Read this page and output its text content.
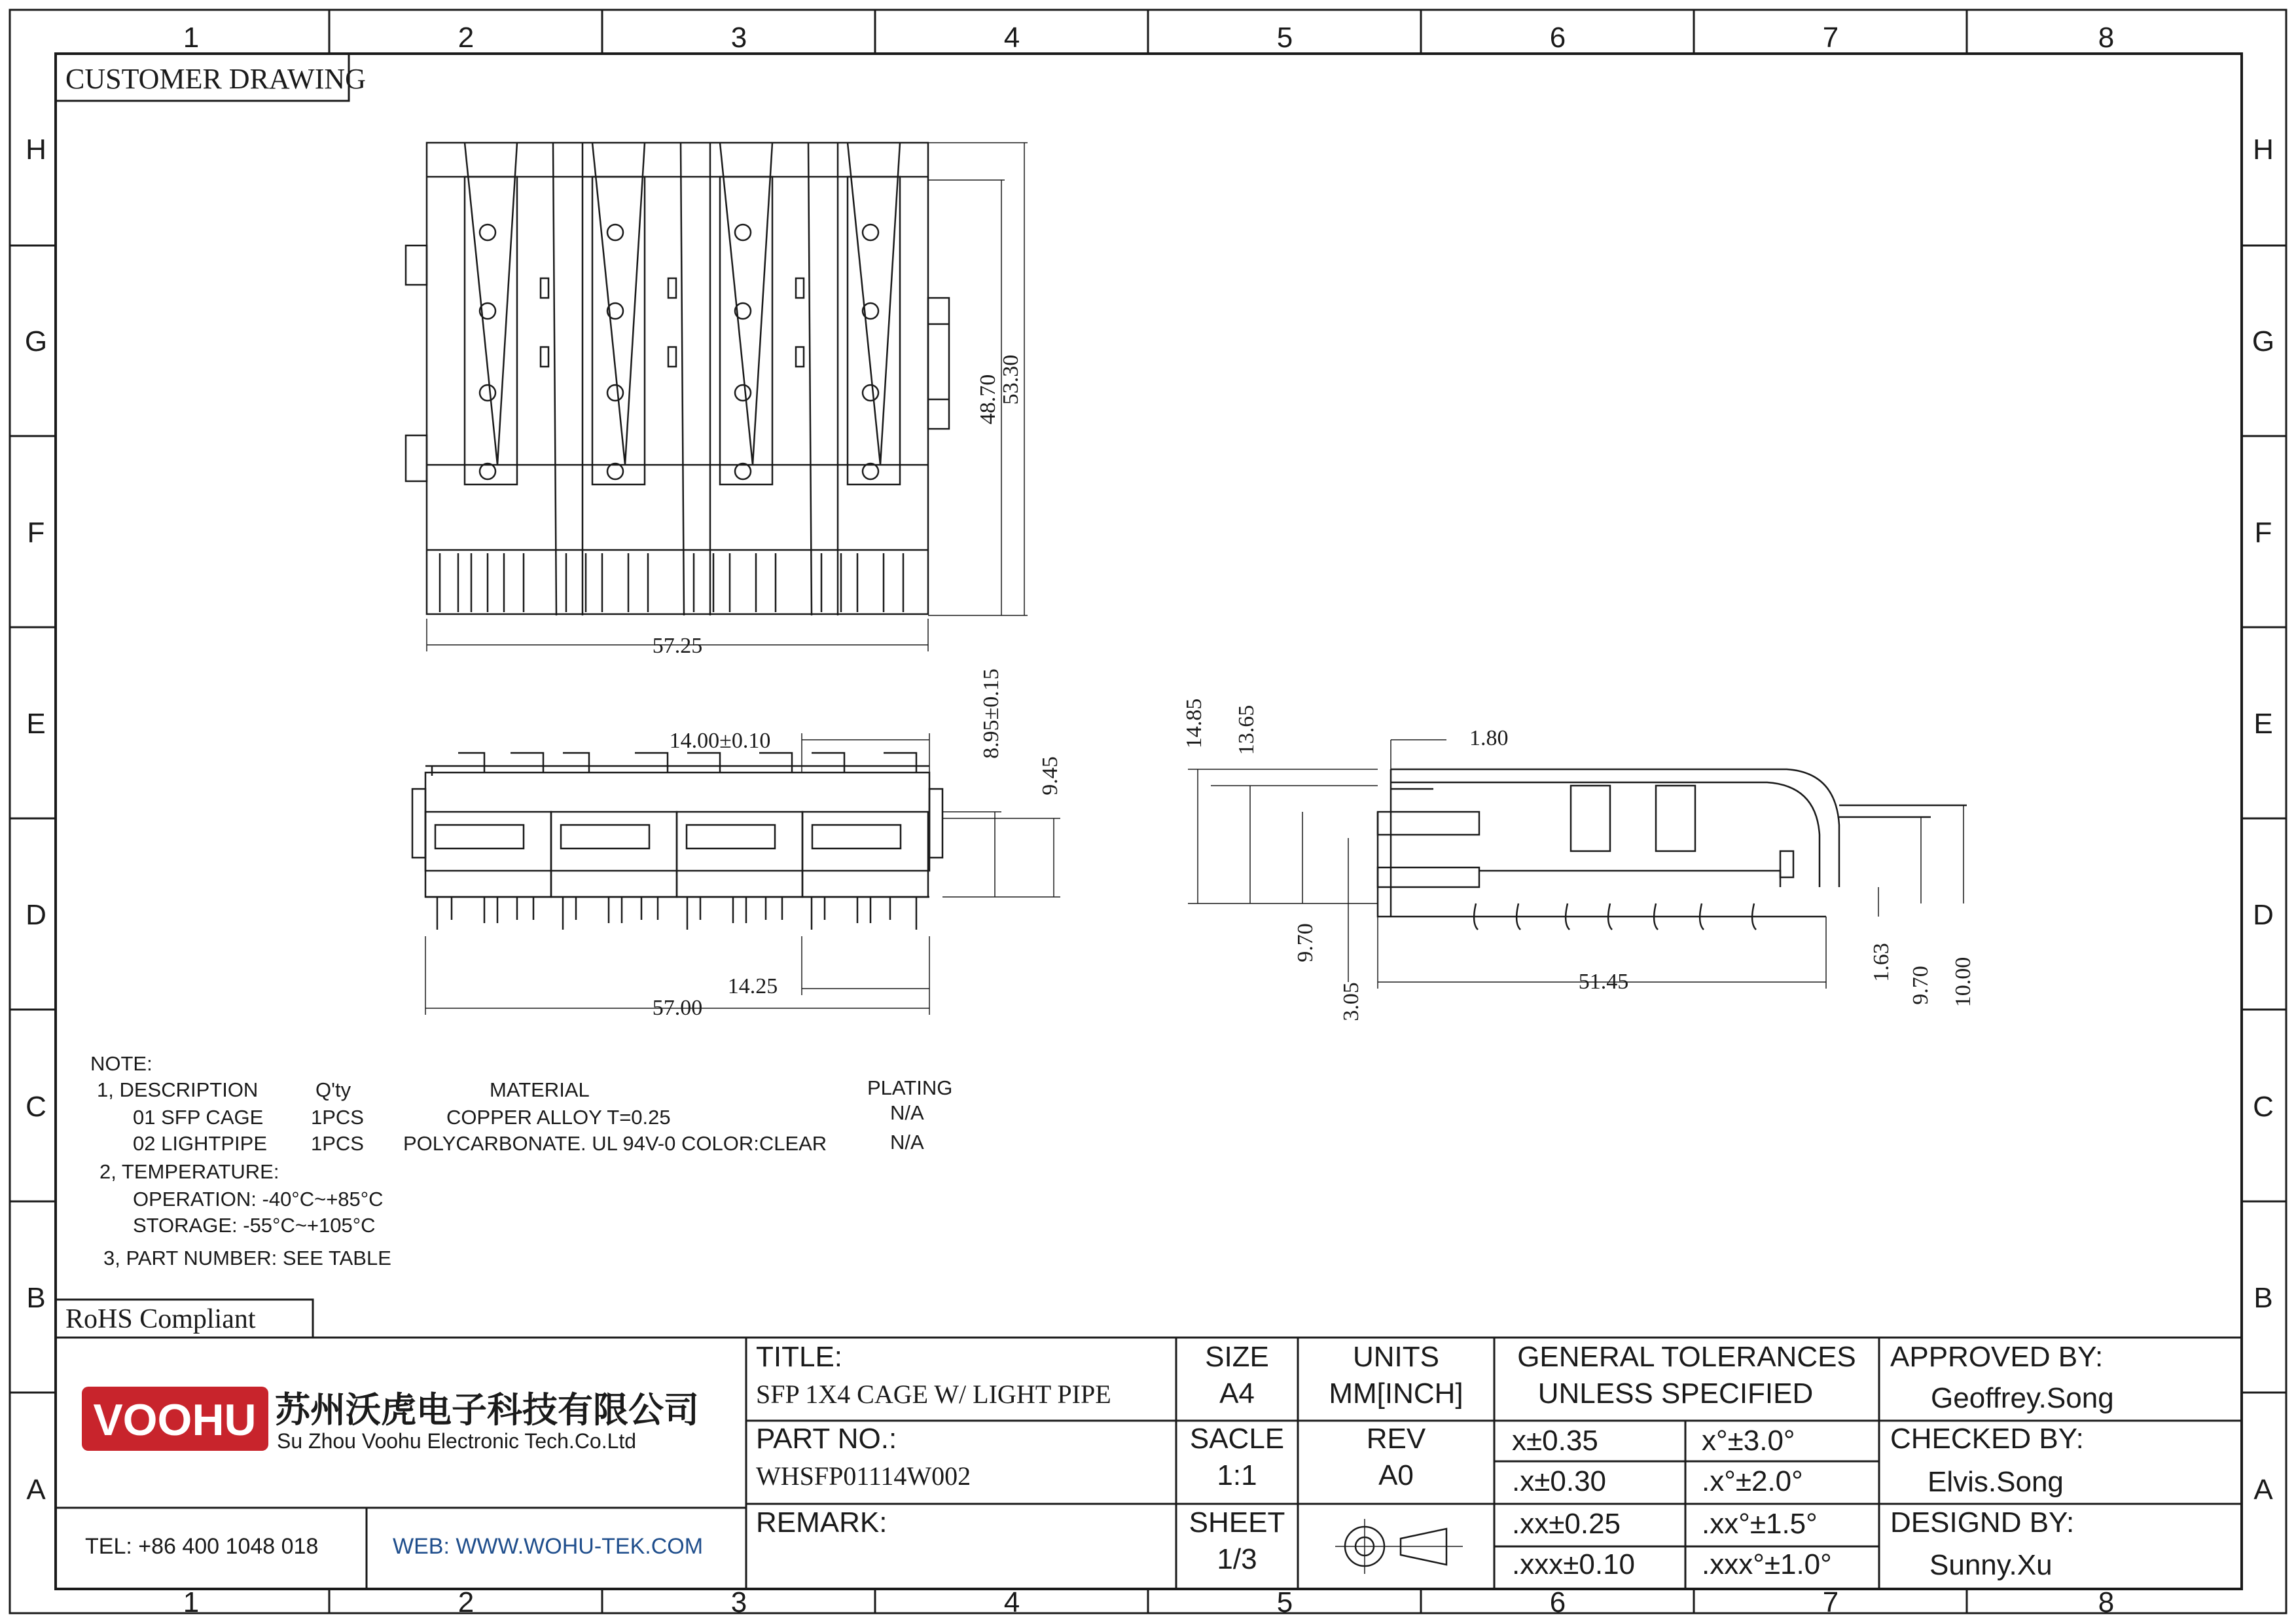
1	2	3	4	5	6	7	8
1	2	3	4	5	6	7	8
H
G
F
E
D
C
B
A
H
G
F
E
D
C
B
A
CUSTOMER DRAWING
57.25
48.70
53.30
14.00±0.10	8.95±0.15
9.45
14.25
57.00
1.80
14.85 13.65
9.70
3.05
51.45	1.63
9.70 10.00
NOTE:
1, DESCRIPTION	Q'ty	MATERIAL	PLATING
01 SFP CAGE 1PCS	COPPER ALLOY T=0.25	N/A
02 LIGHTPIPE 1PCS POLYCARBONATE. UL 94V-0 COLOR:CLEAR	N/A
2, TEMPERATURE:
OPERATION: -40°C~+85°C
STORAGE: -55°C~+105°C
3, PART NUMBER: SEE TABLE
RoHS Compliant
VOOHU 苏州沃虎电子科技有限公司
Su Zhou Voohu Electronic Tech.Co.Ltd
TEL: +86 400 1048 018	WEB: WWW.WOHU-TEK.COM
TITLE:
SFP 1X4 CAGE W/ LIGHT PIPE
PART NO.:
WHSFP01114W002
REMARK:
SIZE
A4
UNITS
MM[INCH]
SACLE
1:1
REV
A0
SHEET
1/3
GENERAL TOLERANCES
UNLESS SPECIFIED
x±0.35	x°±3.0°
.x±0.30	.x°±2.0°
.xx±0.25	.xx°±1.5°
.xxx±0.10 .xxx°±1.0°
APPROVED BY:
Geoffrey.Song
CHECKED BY:
Elvis.Song
DESIGND BY:
Sunny.Xu
